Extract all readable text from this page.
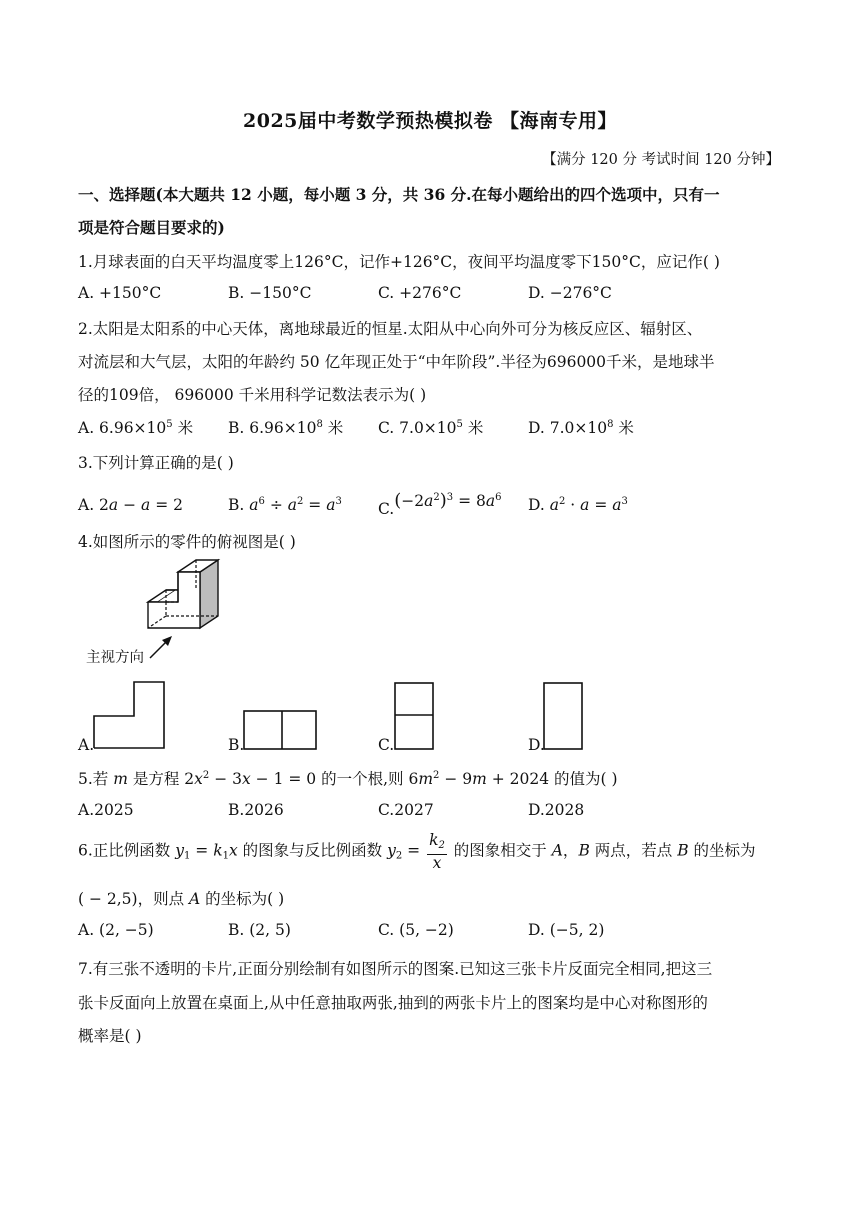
2025届中考数学预热模拟卷 【海南专用】
【满分 120 分 考试时间 120 分钟】
一、选择题(本大题共 12 小题，每小题 3 分，共 36 分.在每小题给出的四个选项中，只有一
项是符合题目要求的)
1.月球表面的白天平均温度零上126°C，记作+126°C，夜间平均温度零下150°C，应记作( )
A. +150°C	B. −150°C	C. +276°C	D. −276°C
2.太阳是太阳系的中心天体，离地球最近的恒星.太阳从中心向外可分为核反应区、辐射区、
对流层和大气层，太阳的年龄约 50 亿年现正处于“中年阶段”.半径为696000千米，是地球半
径的109倍， 696000 千米用科学记数法表示为( )
A. $6.96\times 10^5$ 米 B. $6.96\times 10^8$ 米 C. $7.0\times 10^5$ 米	D. $7.0\times 10^8$ 米
3.下列计算正确的是( )
A. 2a − a = 2	B. $a^6 \div a^2 = a^3$ $C.(-2a^2)^3 = 8a^6$ D. $a^2 \cdot a = a^3$
4.如图所示的零件的俯视图是( )
主视方向
A.	B.	C.	D.
5.若 m 是方程 $2x^2 - 3x - 1 = 0$ 的一个根,则 $6m^2 - 9m + 2024$ 的值为( )
A.2025	B.2026	C.2027	D.2028
6.正比例函数 $y_1 = k_1x$ 的图象与反比例函数 $y_2 = \frac{k_2}{x}$ 的图象相交于 A，B 两点，若点 B 的坐标为
( − 2,5)，则点 A 的坐标为( )
A. (2, −5)	B. (2, 5)	C. (5, −2)	D. (−5, 2)
7.有三张不透明的卡片,正面分别绘制有如图所示的图案.已知这三张卡片反面完全相同,把这三
张卡反面向上放置在桌面上,从中任意抽取两张,抽到的两张卡片上的图案均是中心对称图形的
概率是( )
